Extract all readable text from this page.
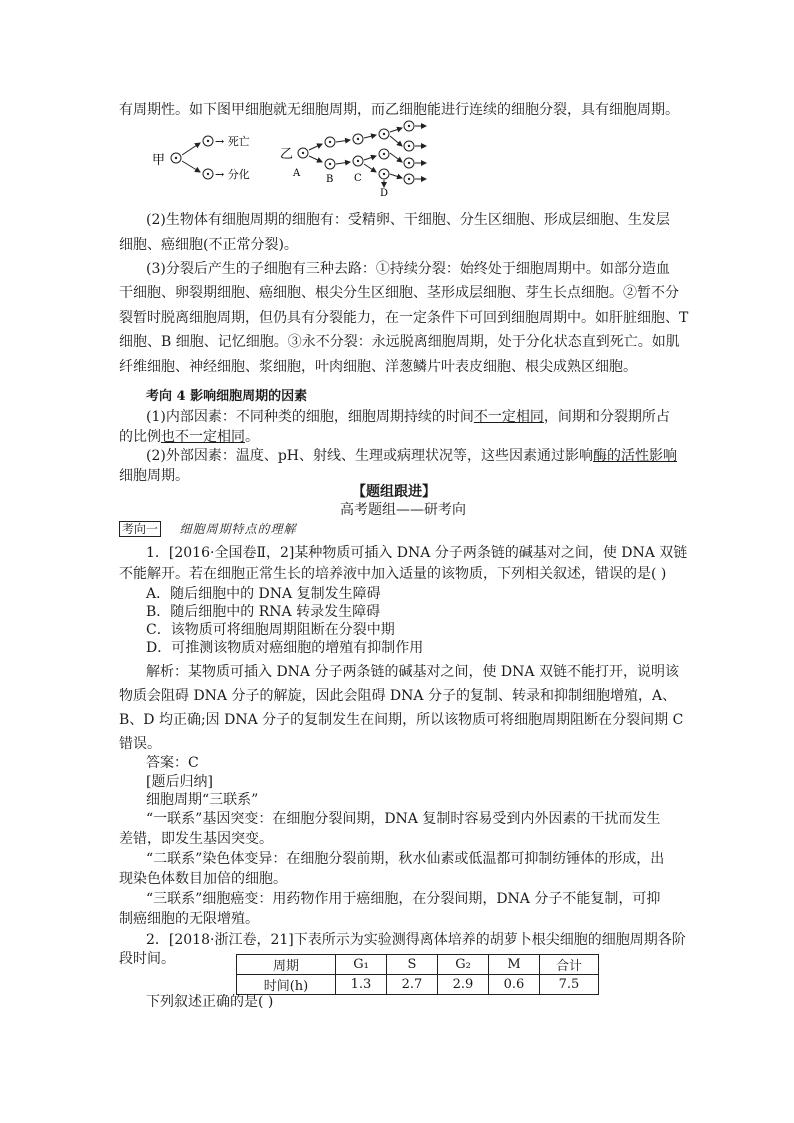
有周期性。如下图甲细胞就无细胞周期，而乙细胞能进行连续的细胞分裂，具有细胞周期。
甲
→ 死亡
→ 分化
乙
A
B C
D
(2)生物体有细胞周期的细胞有：受精卵、干细胞、分生区细胞、形成层细胞、生发层
细胞、癌细胞(不正常分裂)。
(3)分裂后产生的子细胞有三种去路：①持续分裂：始终处于细胞周期中。如部分造血
干细胞、卵裂期细胞、癌细胞、根尖分生区细胞、茎形成层细胞、芽生长点细胞。②暂不分
裂暂时脱离细胞周期，但仍具有分裂能力，在一定条件下可回到细胞周期中。如肝脏细胞、T
细胞、B 细胞、记忆细胞。③永不分裂：永远脱离细胞周期，处于分化状态直到死亡。如肌
纤维细胞、神经细胞、浆细胞，叶肉细胞、洋葱鳞片叶表皮细胞、根尖成熟区细胞。
考向 4 影响细胞周期的因素
(1)内部因素：不同种类的细胞，细胞周期持续的时间不一定相同，间期和分裂期所占
的比例也不一定相同。
(2)外部因素：温度、pH、射线、生理或病理状况等，这些因素通过影响酶的活性影响
细胞周期。
【题组跟进】
高考题组——研考向
考向一 细胞周期特点的理解
1．[2016·全国卷Ⅱ，2]某种物质可插入 DNA 分子两条链的碱基对之间，使 DNA 双链
不能解开。若在细胞正常生长的培养液中加入适量的该物质，下列相关叙述，错误的是( )
A．随后细胞中的 DNA 复制发生障碍
B．随后细胞中的 RNA 转录发生障碍
C．该物质可将细胞周期阻断在分裂中期
D．可推测该物质对癌细胞的增殖有抑制作用
解析：某物质可插入 DNA 分子两条链的碱基对之间，使 DNA 双链不能打开，说明该
物质会阻碍 DNA 分子的解旋，因此会阻碍 DNA 分子的复制、转录和抑制细胞增殖，A、
B、D 均正确;因 DNA 分子的复制发生在间期，所以该物质可将细胞周期阻断在分裂间期 C
错误。
答案：C
[题后归纳]
细胞周期“三联系”
“一联系”基因突变：在细胞分裂间期，DNA 复制时容易受到内外因素的干扰而发生
差错，即发生基因突变。
“二联系”染色体变异：在细胞分裂前期，秋水仙素或低温都可抑制纺锤体的形成，出
现染色体数目加倍的细胞。
“三联系”细胞癌变：用药物作用于癌细胞，在分裂间期，DNA 分子不能复制，可抑
制癌细胞的无限增殖。
2．[2018·浙江卷，21]下表所示为实验测得离体培养的胡萝卜根尖细胞的细胞周期各阶
段时间。	周期	G₁	S	G₂	M	合计
时间(h)	1.3	2.7	2.9	0.6	7.5
下列叙述正确的是( )
